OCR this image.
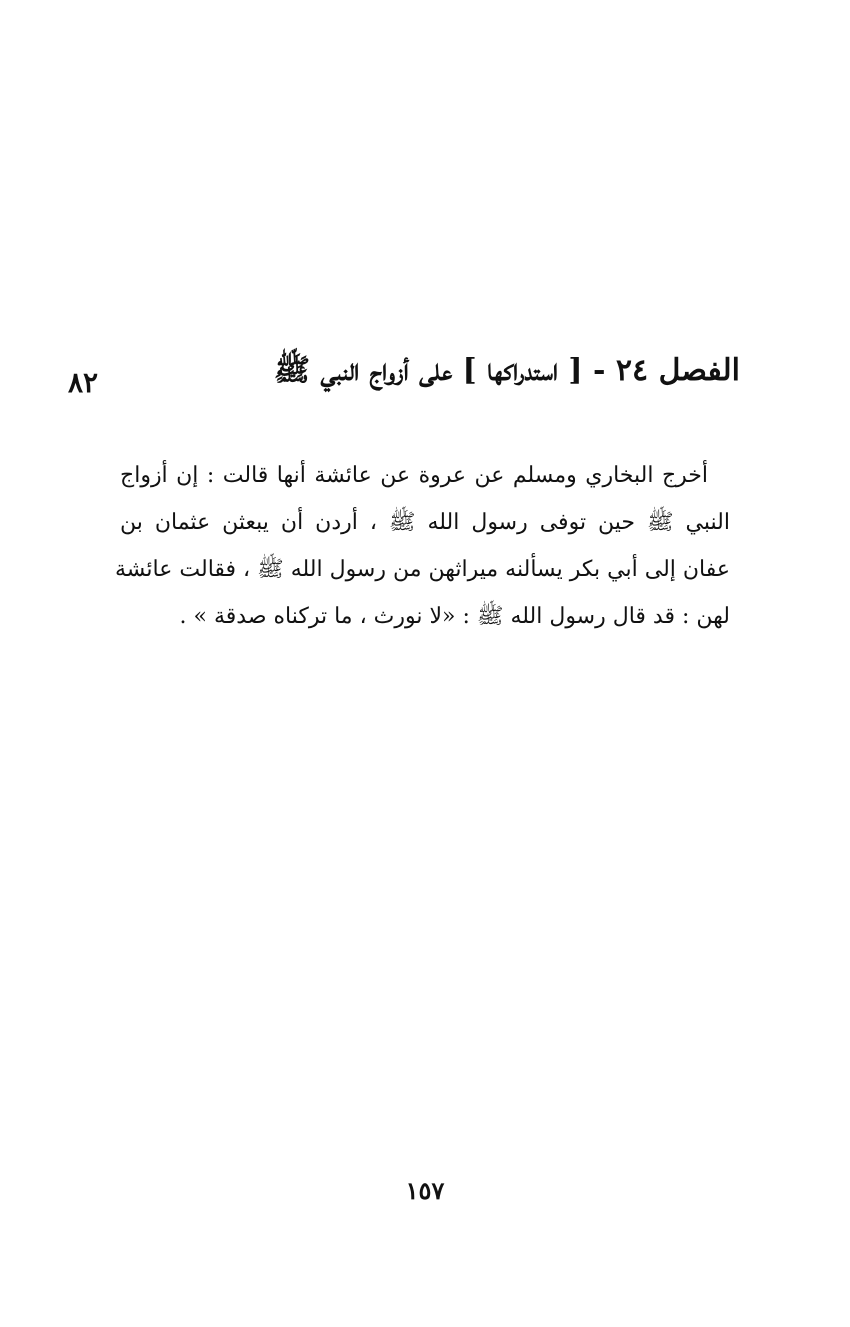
٨٢	الفصل ٢٤ - [ استدراكها ] على أزواج النبي ﷺ
أخرج البخاري ومسلم عن عروة عن عائشة أنها قالت : إن أزواج
النبي ﷺ حين توفى رسول الله ﷺ ، أردن أن يبعثن عثمان بن
عفان إلى أبي بكر يسألنه ميراثهن من رسول الله ﷺ ، فقالت عائشة
لهن : قد قال رسول الله ﷺ : «لا نورث ، ما تركناه صدقة » .
١٥٧
